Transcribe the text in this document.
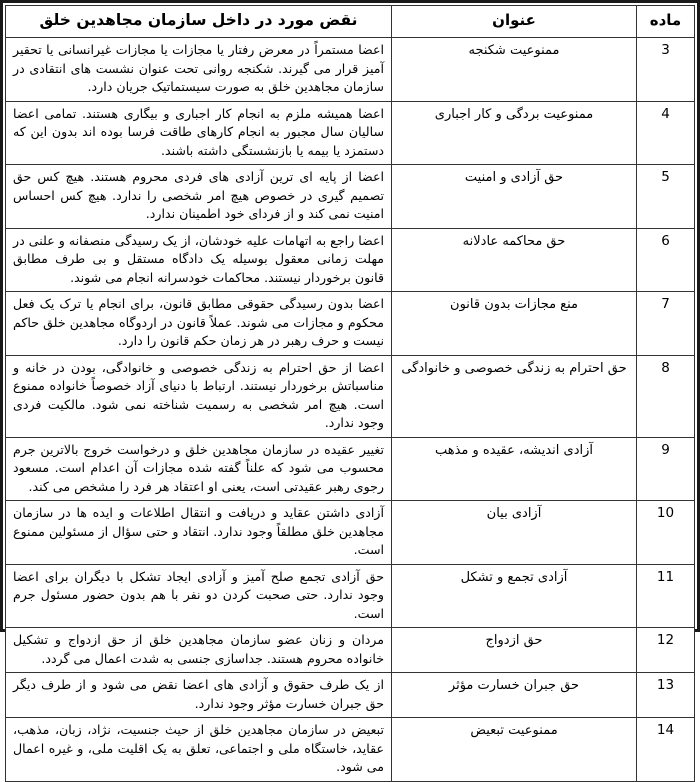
ماده	عنوان	نقض مورد در داخل سازمان مجاهدین خلق
3	ممنوعیت شکنجه	اعضا مستمراً در معرض رفتار یا مجازات یا مجازات غیرانسانی یا تحقیر آمیز قرار می گیرند. شکنجه روانی تحت عنوان نشست های انتقادی در سازمان مجاهدین خلق به صورت سیستماتیک جریان دارد.

4	ممنوعیت بردگی و کار اجباری	اعضا همیشه ملزم به انجام کار اجباری و بیگاری هستند. تمامی اعضا سالیان سال مجبور به انجام کارهای طاقت فرسا بوده اند بدون این که دستمزد یا بیمه یا بازنشستگی داشته باشند.

5	حق آزادی و امنیت	اعضا از پایه ای ترین آزادی های فردی محروم هستند. هیچ کس حق تصمیم گیری در خصوص هیچ امر شخصی را ندارد. هیچ کس احساس امنیت نمی کند و از فردای خود اطمینان ندارد.

6	حق محاکمه عادلانه	اعضا راجع به اتهامات علیه خودشان، از یک رسیدگی منصفانه و علنی در مهلت زمانی معقول بوسیله یک دادگاه مستقل و بی طرف مطابق قانون برخوردار نیستند. محاکمات خودسرانه انجام می شوند.

7	منع مجازات بدون قانون	اعضا بدون رسیدگی حقوقی مطابق قانون، برای انجام یا ترک یک فعل محکوم و مجازات می شوند. عملاً قانون در اردوگاه مجاهدین خلق حاکم نیست و حرف رهبر در هر زمان حکم قانون را دارد.

8	حق احترام به زندگی خصوصی و خانوادگی	اعضا از حق احترام به زندگی خصوصی و خانوادگی، بودن در خانه و مناسباتش برخوردار نیستند. ارتباط با دنیای آزاد خصوصاً خانواده ممنوع است. هیچ امر شخصی به رسمیت شناخته نمی شود. مالکیت فردی وجود ندارد.

9	آزادی اندیشه، عقیده و مذهب	تغییر عقیده در سازمان مجاهدین خلق و درخواست خروج بالاترین جرم محسوب می شود که علناً گفته شده مجازات آن اعدام است. مسعود رجوی رهبر عقیدتی است، یعنی او اعتقاد هر فرد را مشخص می کند.

10	آزادی بیان	آزادی داشتن عقاید و دریافت و انتقال اطلاعات و ایده ها در سازمان مجاهدین خلق مطلقاً وجود ندارد. انتقاد و حتی سؤال از مسئولین ممنوع است.

11	آزادی تجمع و تشکل	حق آزادی تجمع صلح آمیز و آزادی ایجاد تشکل با دیگران برای اعضا وجود ندارد. حتی صحبت کردن دو نفر با هم بدون حضور مسئول جرم است.

12	حق ازدواج	مردان و زنان عضو سازمان مجاهدین خلق از حق ازدواج و تشکیل خانواده محروم هستند. جداسازی جنسی به شدت اعمال می گردد.

13	حق جبران خسارت مؤثر	از یک طرف حقوق و آزادی های اعضا نقض می شود و از طرف دیگر حق جبران خسارت مؤثر وجود ندارد.

14	ممنوعیت تبعیض	تبعیض در سازمان مجاهدین خلق از حیث جنسیت، نژاد، زبان، مذهب، عقاید، خاستگاه ملی و اجتماعی، تعلق به یک اقلیت ملی، و غیره اعمال می شود.
